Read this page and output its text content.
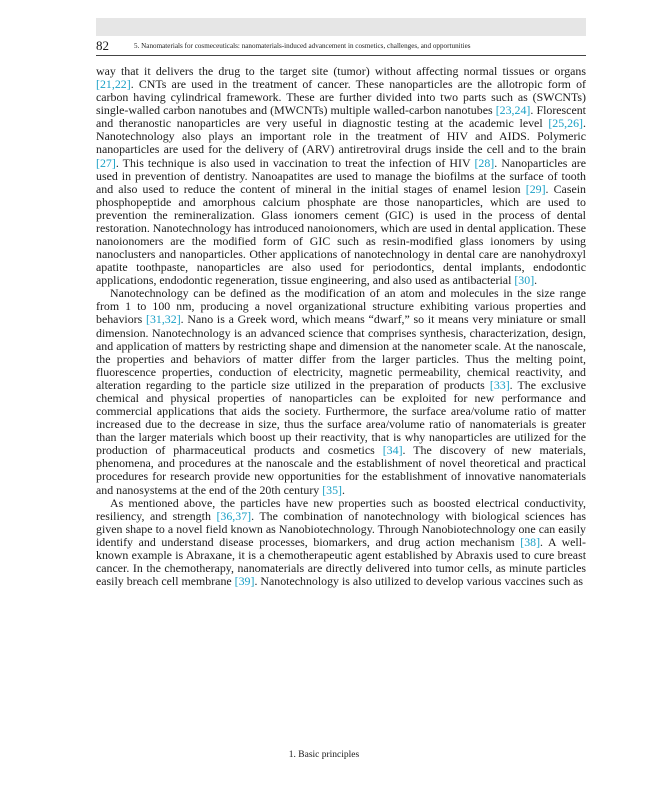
82	5. Nanomaterials for cosmeceuticals: nanomaterials-induced advancement in cosmetics, challenges, and opportunities

way that it delivers the drug to the target site (tumor) without affecting normal tissues or organs [21,22]. CNTs are used in the treatment of cancer. These nanoparticles are the allotropic form of carbon having cylindrical framework. These are further divided into two parts such as (SWCNTs) single-walled carbon nanotubes and (MWCNTs) multiple walled-carbon nanotubes [23,24]. Florescent and theranostic nanoparticles are very useful in diagnostic testing at the academic level [25,26]. Nanotechnology also plays an important role in the treatment of HIV and AIDS. Polymeric nanoparticles are used for the delivery of (ARV) antiretroviral drugs inside the cell and to the brain [27]. This technique is also used in vaccination to treat the infection of HIV [28]. Nanoparticles are used in prevention of dentistry. Nanoapatites are used to manage the biofilms at the surface of tooth and also used to reduce the content of mineral in the initial stages of enamel lesion [29]. Casein phosphopeptide and amorphous calcium phosphate are those nanoparticles, which are used to prevention the remineralization. Glass ionomers cement (GIC) is used in the process of dental restoration. Nanotechnology has introduced nanoionomers, which are used in dental application. These nanoionomers are the modified form of GIC such as resin-modified glass ionomers by using nanoclusters and nanoparticles. Other applications of nanotechnology in dental care are nanohydroxyl apatite toothpaste, nanoparticles are also used for periodontics, dental implants, endodontic applications, endodontic regeneration, tissue engineering, and also used as antibacterial [30].

Nanotechnology can be defined as the modification of an atom and molecules in the size range from 1 to 100 nm, producing a novel organizational structure exhibiting various properties and behaviors [31,32]. Nano is a Greek word, which means “dwarf,” so it means very miniature or small dimension. Nanotechnology is an advanced science that comprises synthesis, characterization, design, and application of matters by restricting shape and dimension at the nanometer scale. At the nanoscale, the properties and behaviors of matter differ from the larger particles. Thus the melting point, fluorescence properties, conduction of electricity, magnetic permeability, chemical reactivity, and alteration regarding to the particle size utilized in the preparation of products [33]. The exclusive chemical and physical properties of nanoparticles can be exploited for new performance and commercial applications that aids the society. Furthermore, the surface area/volume ratio of matter increased due to the decrease in size, thus the surface area/volume ratio of nanomaterials is greater than the larger materials which boost up their reactivity, that is why nanoparticles are utilized for the production of pharmaceutical products and cosmetics [34]. The discovery of new materials, phenomena, and procedures at the nanoscale and the establishment of novel theoretical and practical procedures for research provide new opportunities for the establishment of innovative nanomaterials and nanosystems at the end of the 20th century [35].

As mentioned above, the particles have new properties such as boosted electrical conductivity, resiliency, and strength [36,37]. The combination of nanotechnology with biological sciences has given shape to a novel field known as Nanobiotechnology. Through Nanobiotechnology one can easily identify and understand disease processes, biomarkers, and drug action mechanism [38]. A well-known example is Abraxane, it is a chemotherapeutic agent established by Abraxis used to cure breast cancer. In the chemotherapy, nanomaterials are directly delivered into tumor cells, as minute particles easily breach cell membrane [39]. Nanotechnology is also utilized to develop various vaccines such as

1. Basic principles
